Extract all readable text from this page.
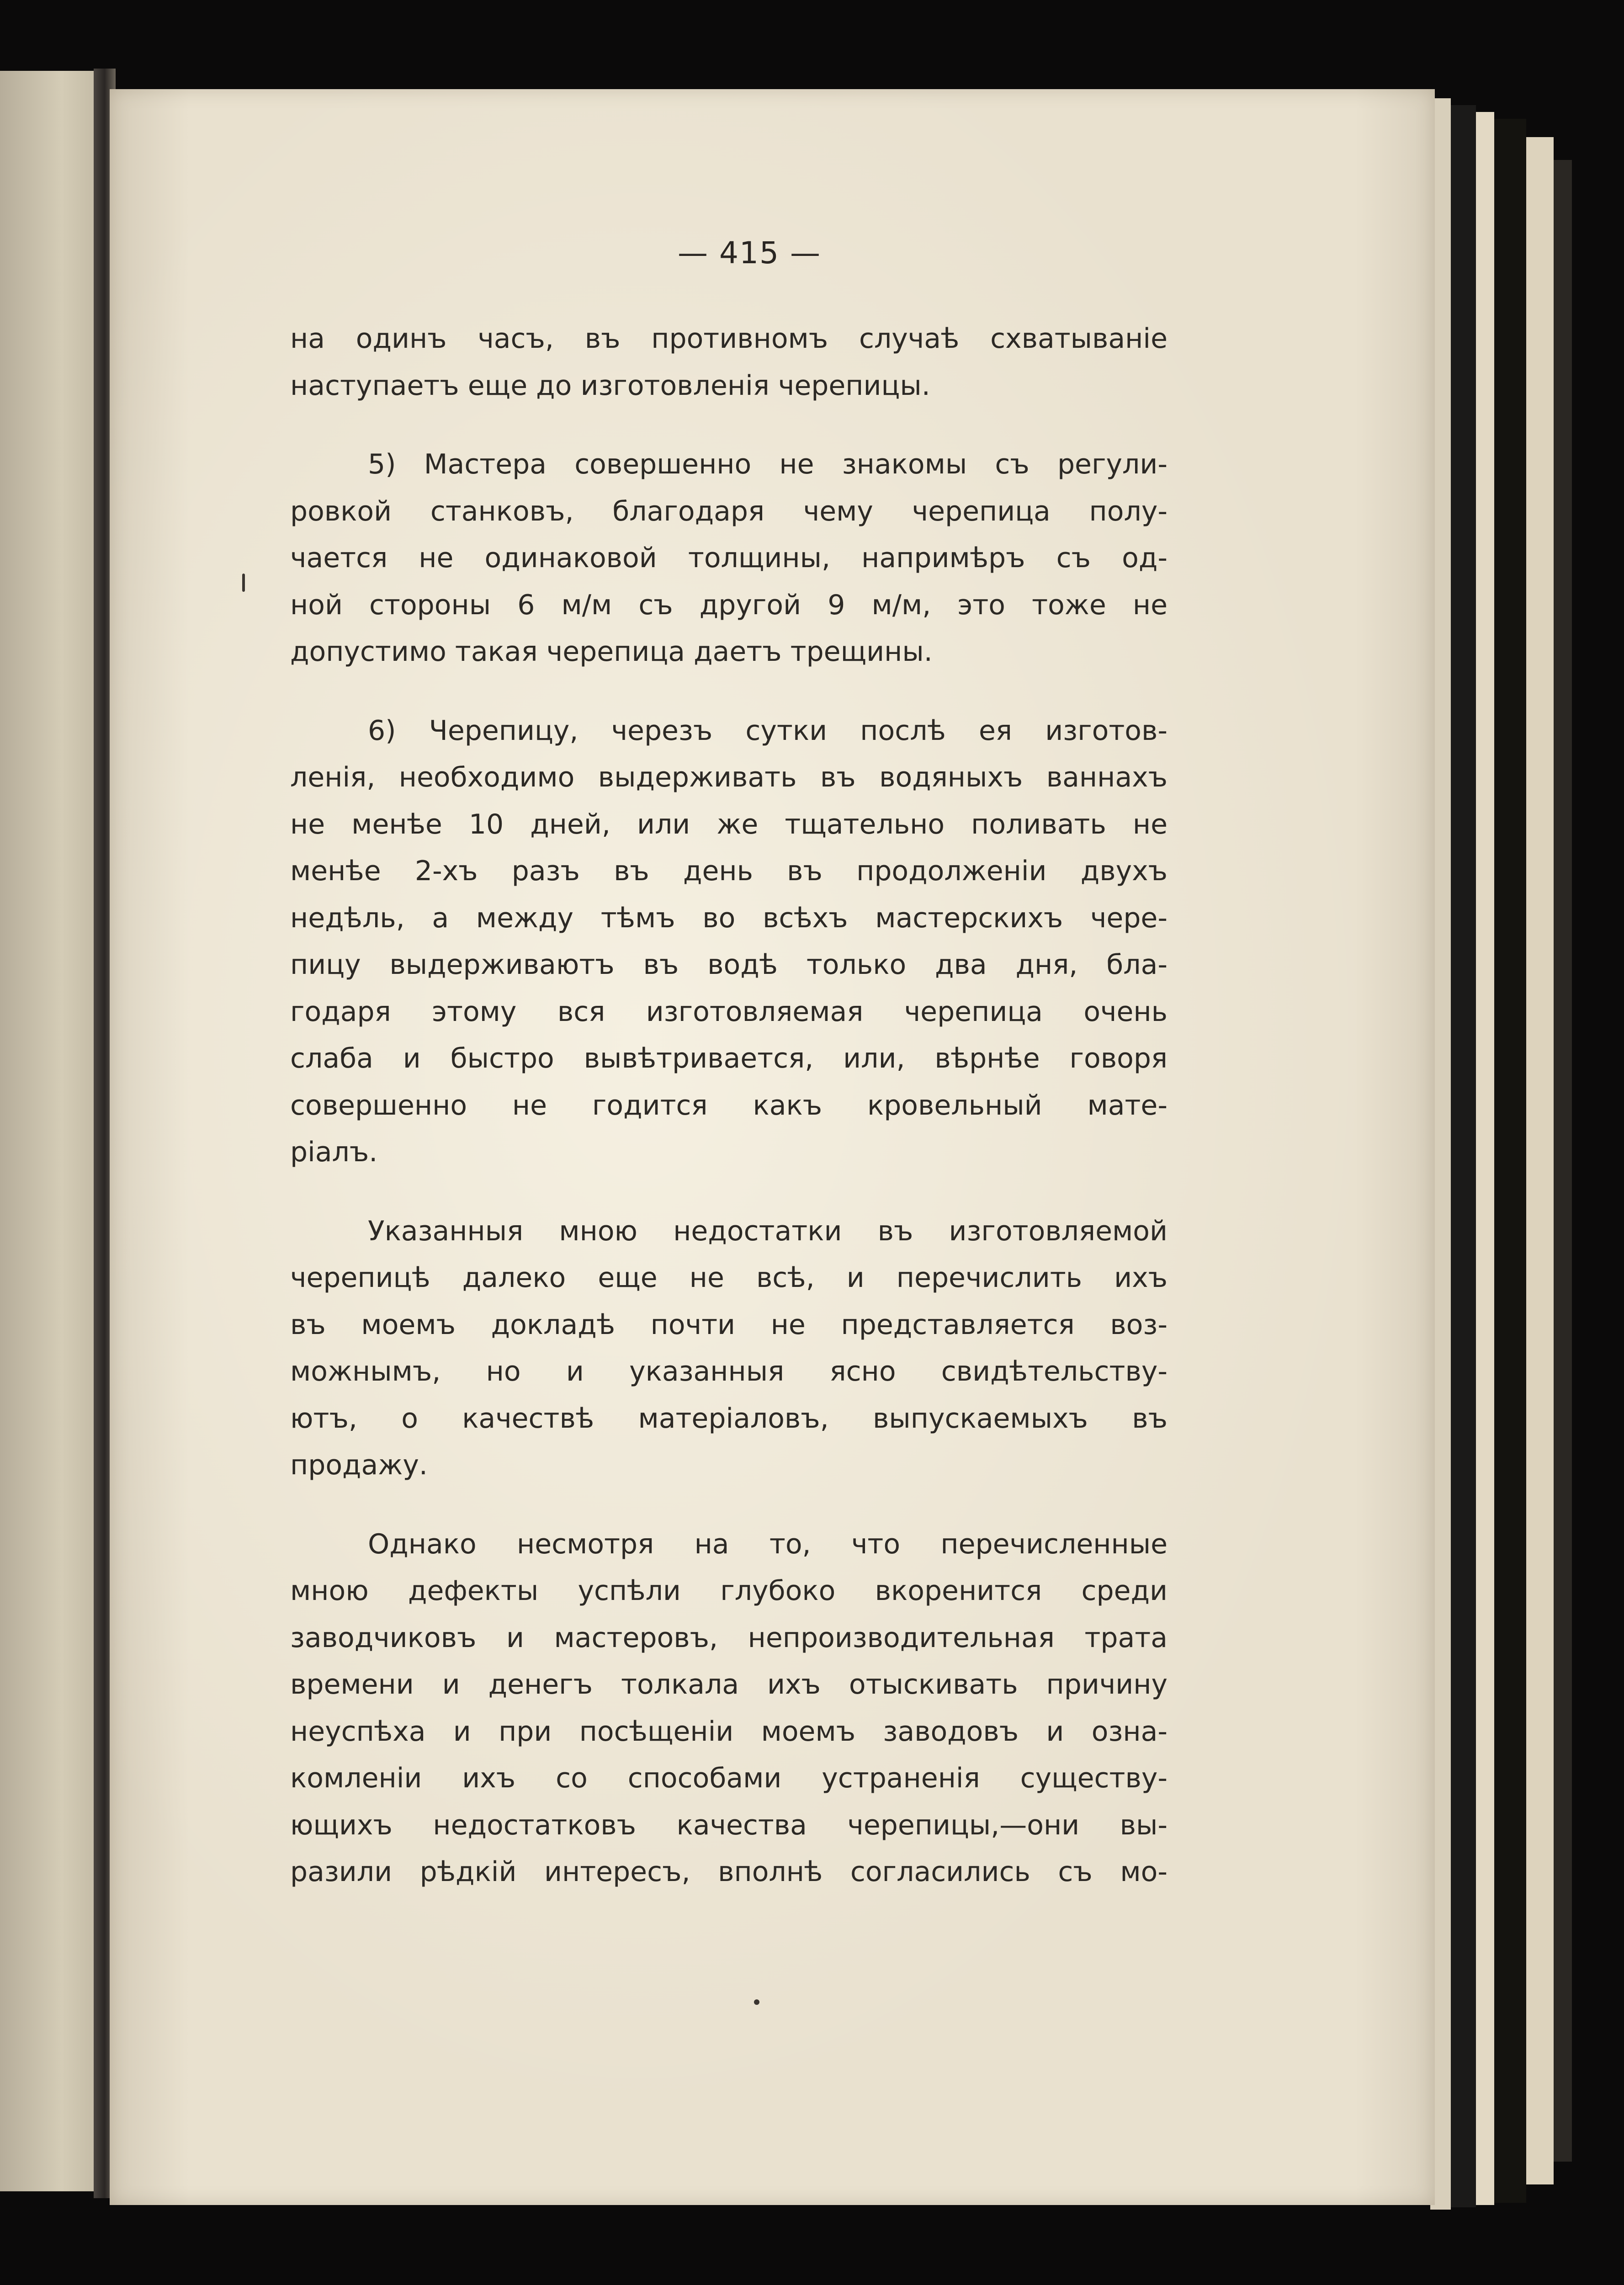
— 415 —
на одинъ часъ, въ противномъ случаѣ схватываніе
наступаетъ еще до изготовленія черепицы.
5) Мастера совершенно не знакомы съ регули-
ровкой станковъ, благодаря чему черепица полу-
чается не одинаковой толщины, напримѣръ съ од-
ной стороны 6 м/м съ другой 9 м/м, это тоже не
допустимо такая черепица даетъ трещины.
6) Черепицу, черезъ сутки послѣ ея изготов-
ленія, необходимо выдерживать въ водяныхъ ваннахъ
не менѣе 10 дней, или же тщательно поливать не
менѣе 2-хъ разъ въ день въ продолженіи двухъ
недѣль, а между тѣмъ во всѣхъ мастерскихъ чере-
пицу выдерживаютъ въ водѣ только два дня, бла-
годаря этому вся изготовляемая черепица очень
слаба и быстро вывѣтривается, или, вѣрнѣе говоря
совершенно не годится какъ кровельный мате-
ріалъ.
Указанныя мною недостатки въ изготовляемой
черепицѣ далеко еще не всѣ, и перечислить ихъ
въ моемъ докладѣ почти не представляется воз-
можнымъ, но и указанныя ясно свидѣтельству-
ютъ, о качествѣ матеріаловъ, выпускаемыхъ въ
продажу.
Однако несмотря на то, что перечисленные
мною дефекты успѣли глубоко вкоренится среди
заводчиковъ и мастеровъ, непроизводительная трата
времени и денегъ толкала ихъ отыскивать причину
неуспѣха и при посѣщеніи моемъ заводовъ и озна-
комленіи ихъ со способами устраненія существу-
ющихъ недостатковъ качества черепицы,—они вы-
разили рѣдкій интересъ, вполнѣ согласились съ мо-
